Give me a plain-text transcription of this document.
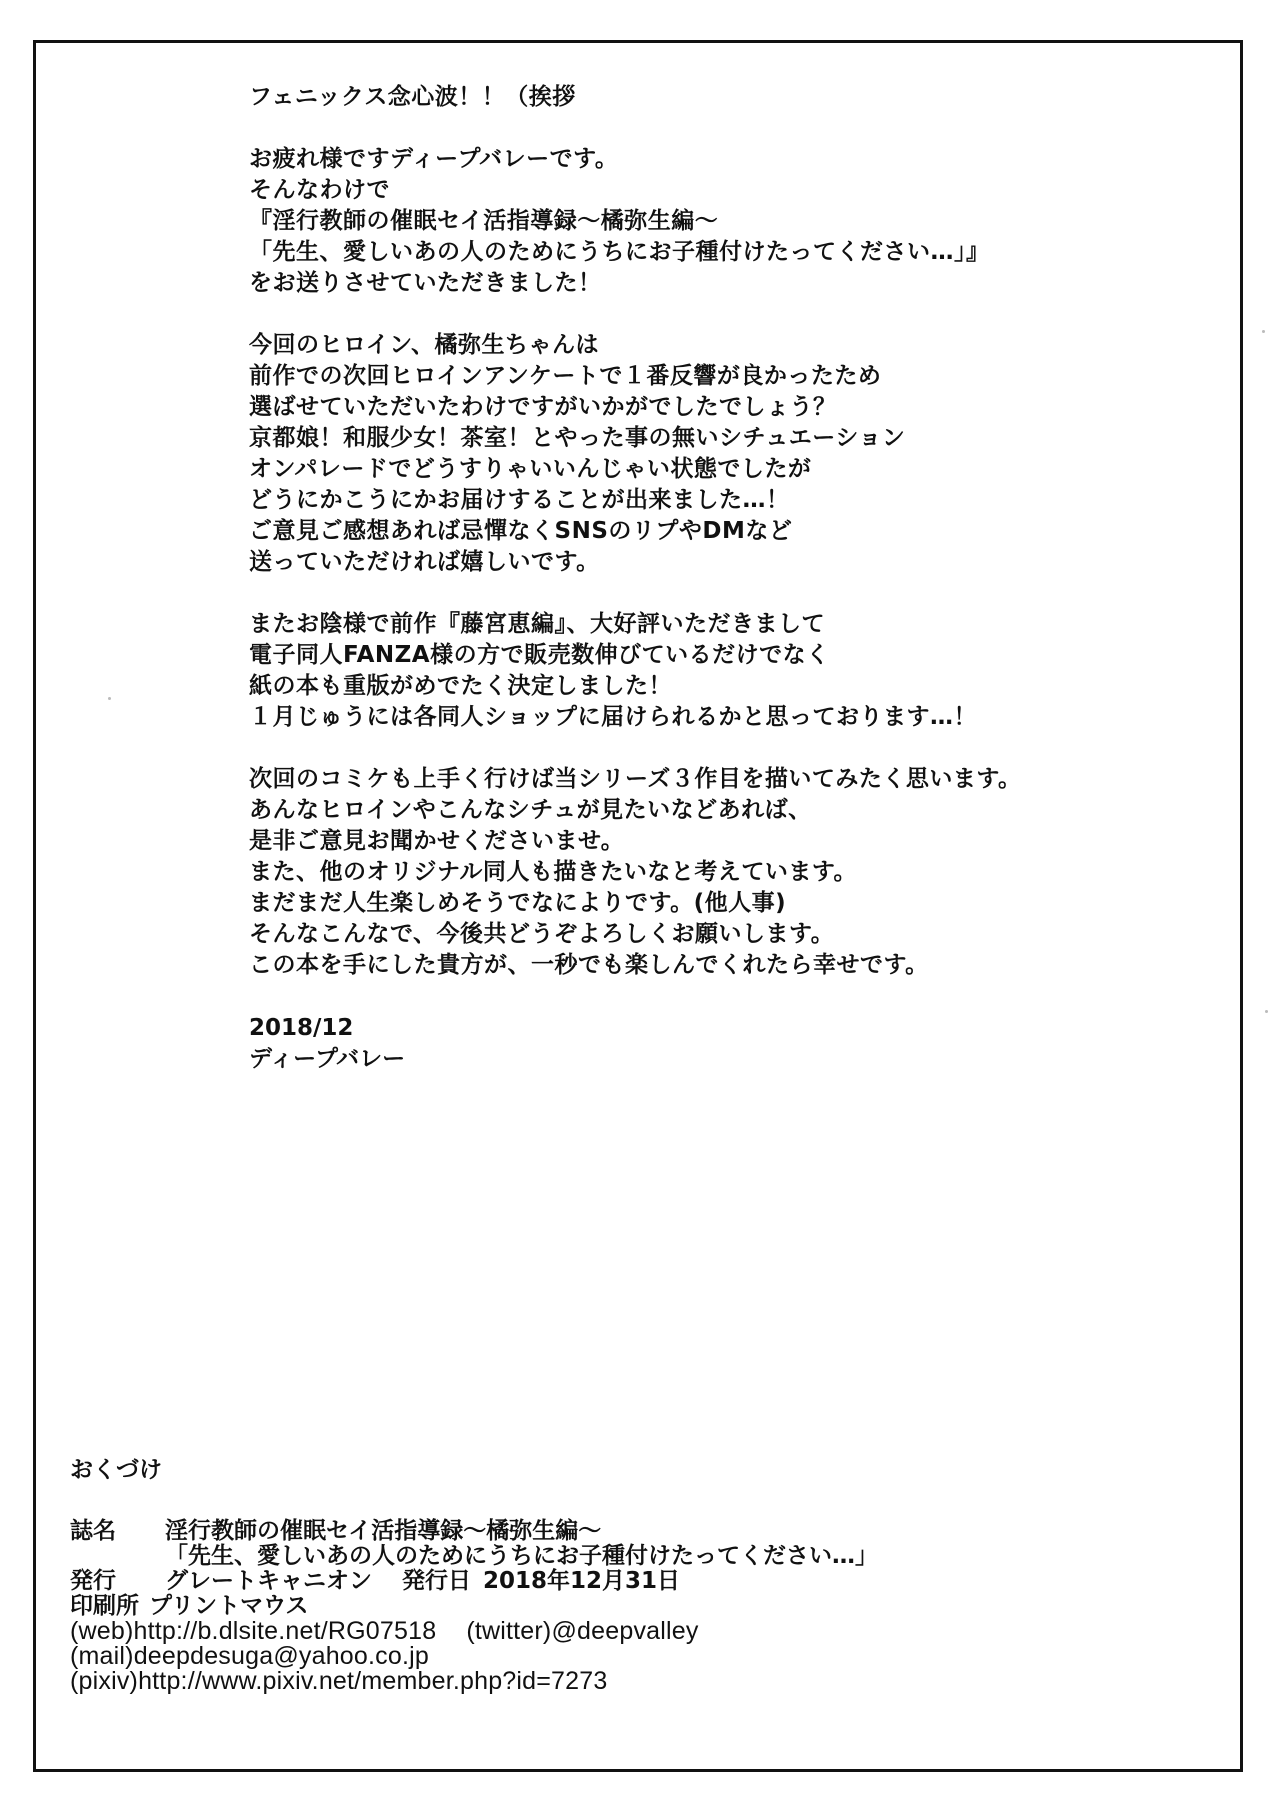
フェニックス念心波！！（挨拶
お疲れ様ですディープバレーです。
そんなわけで
『淫行教師の催眠セイ活指導録～橘弥生編～
「先生、愛しいあの人のためにうちにお子種付けたってください…」』
をお送りさせていただきました！
今回のヒロイン、橘弥生ちゃんは
前作での次回ヒロインアンケートで１番反響が良かったため
選ばせていただいたわけですがいかがでしたでしょう？
京都娘！和服少女！茶室！とやった事の無いシチュエーション
オンパレードでどうすりゃいいんじゃい状態でしたが
どうにかこうにかお届けすることが出来ました…！
ご意見ご感想あれば忌憚なくSNSのリプやDMなど
送っていただければ嬉しいです。
またお陰様で前作『藤宮恵編』、大好評いただきまして
電子同人FANZA様の方で販売数伸びているだけでなく
紙の本も重版がめでたく決定しました！
１月じゅうには各同人ショップに届けられるかと思っております…！
次回のコミケも上手く行けば当シリーズ３作目を描いてみたく思います。
あんなヒロインやこんなシチュが見たいなどあれば、
是非ご意見お聞かせくださいませ。
また、他のオリジナル同人も描きたいなと考えています。
まだまだ人生楽しめそうでなによりです。(他人事)
そんなこんなで、今後共どうぞよろしくお願いします。
この本を手にした貴方が、一秒でも楽しんでくれたら幸せです。
2018/12
ディープバレー
おくづけ
誌名 淫行教師の催眠セイ活指導録～橘弥生編～
「先生、愛しいあの人のためにうちにお子種付けたってください…」
発行 グレートキャニオン 発行日 2018年12月31日
印刷所 プリントマウス
(web)http://b.dlsite.net/RG07518 (twitter)@deepvalley
(mail)deepdesuga@yahoo.co.jp
(pixiv)http://www.pixiv.net/member.php?id=7273
